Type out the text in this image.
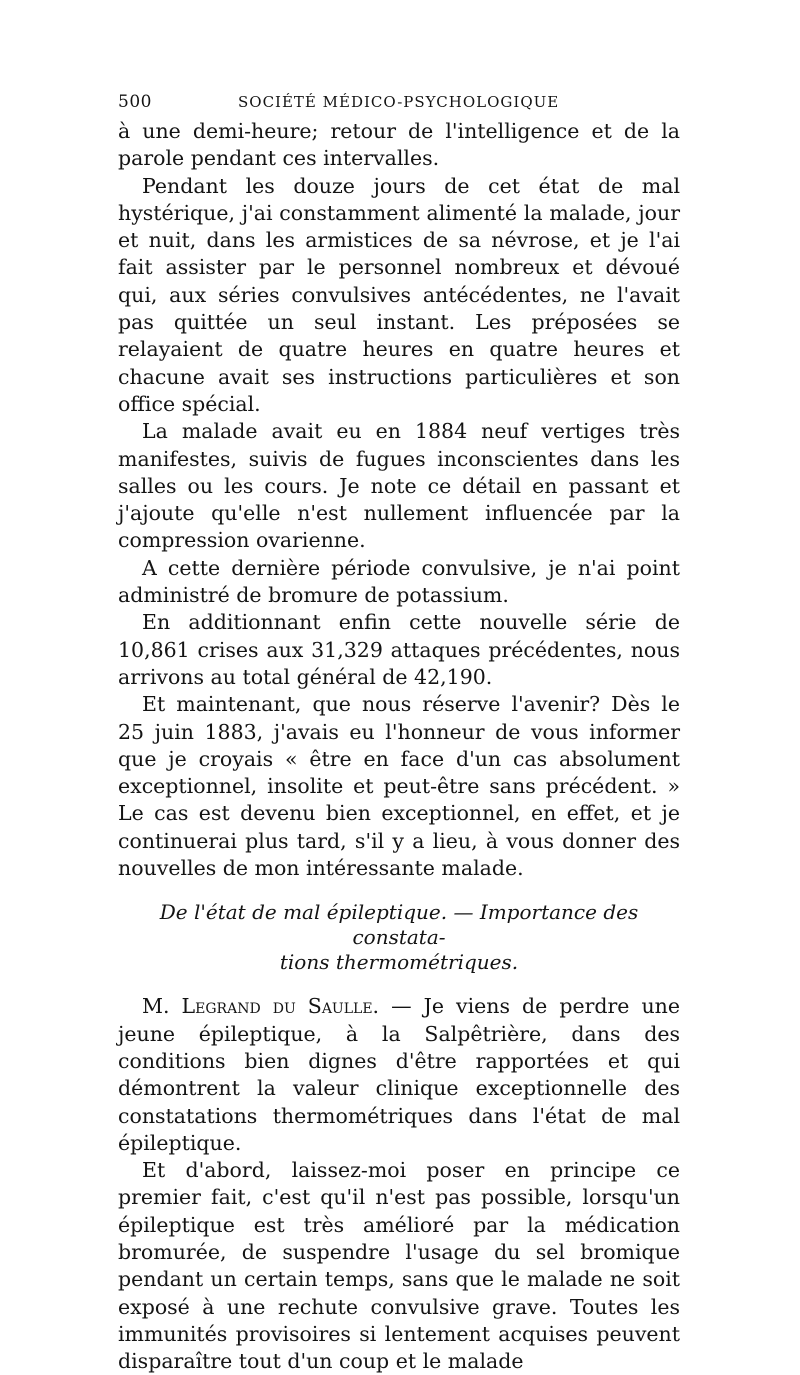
500	SOCIÉTÉ MÉDICO-PSYCHOLOGIQUE

à une demi-heure; retour de l'intelligence et de la parole pendant ces intervalles.

Pendant les douze jours de cet état de mal hystérique, j'ai constamment alimenté la malade, jour et nuit, dans les armistices de sa névrose, et je l'ai fait assister par le personnel nombreux et dévoué qui, aux séries convulsives antécédentes, ne l'avait pas quittée un seul instant. Les préposées se relayaient de quatre heures en quatre heures et chacune avait ses instructions particulières et son office spécial.

La malade avait eu en 1884 neuf vertiges très manifestes, suivis de fugues inconscientes dans les salles ou les cours. Je note ce détail en passant et j'ajoute qu'elle n'est nullement influencée par la compression ovarienne.

A cette dernière période convulsive, je n'ai point administré de bromure de potassium.

En additionnant enfin cette nouvelle série de 10,861 crises aux 31,329 attaques précédentes, nous arrivons au total général de 42,190.

Et maintenant, que nous réserve l'avenir? Dès le 25 juin 1883, j'avais eu l'honneur de vous informer que je croyais « être en face d'un cas absolument exceptionnel, insolite et peut-être sans précédent. » Le cas est devenu bien exceptionnel, en effet, et je continuerai plus tard, s'il y a lieu, à vous donner des nouvelles de mon intéressante malade.

De l'état de mal épileptique. — Importance des constata-
tions thermométriques.

M. Legrand du Saulle. — Je viens de perdre une jeune épileptique, à la Salpêtrière, dans des conditions bien dignes d'être rapportées et qui démontrent la valeur clinique exceptionnelle des constatations thermométriques dans l'état de mal épileptique.

Et d'abord, laissez-moi poser en principe ce premier fait, c'est qu'il n'est pas possible, lorsqu'un épileptique est très amélioré par la médication bromurée, de suspendre l'usage du sel bromique pendant un certain temps, sans que le malade ne soit exposé à une rechute convulsive grave. Toutes les immunités provisoires si lentement acquises peuvent disparaître tout d'un coup et le malade
